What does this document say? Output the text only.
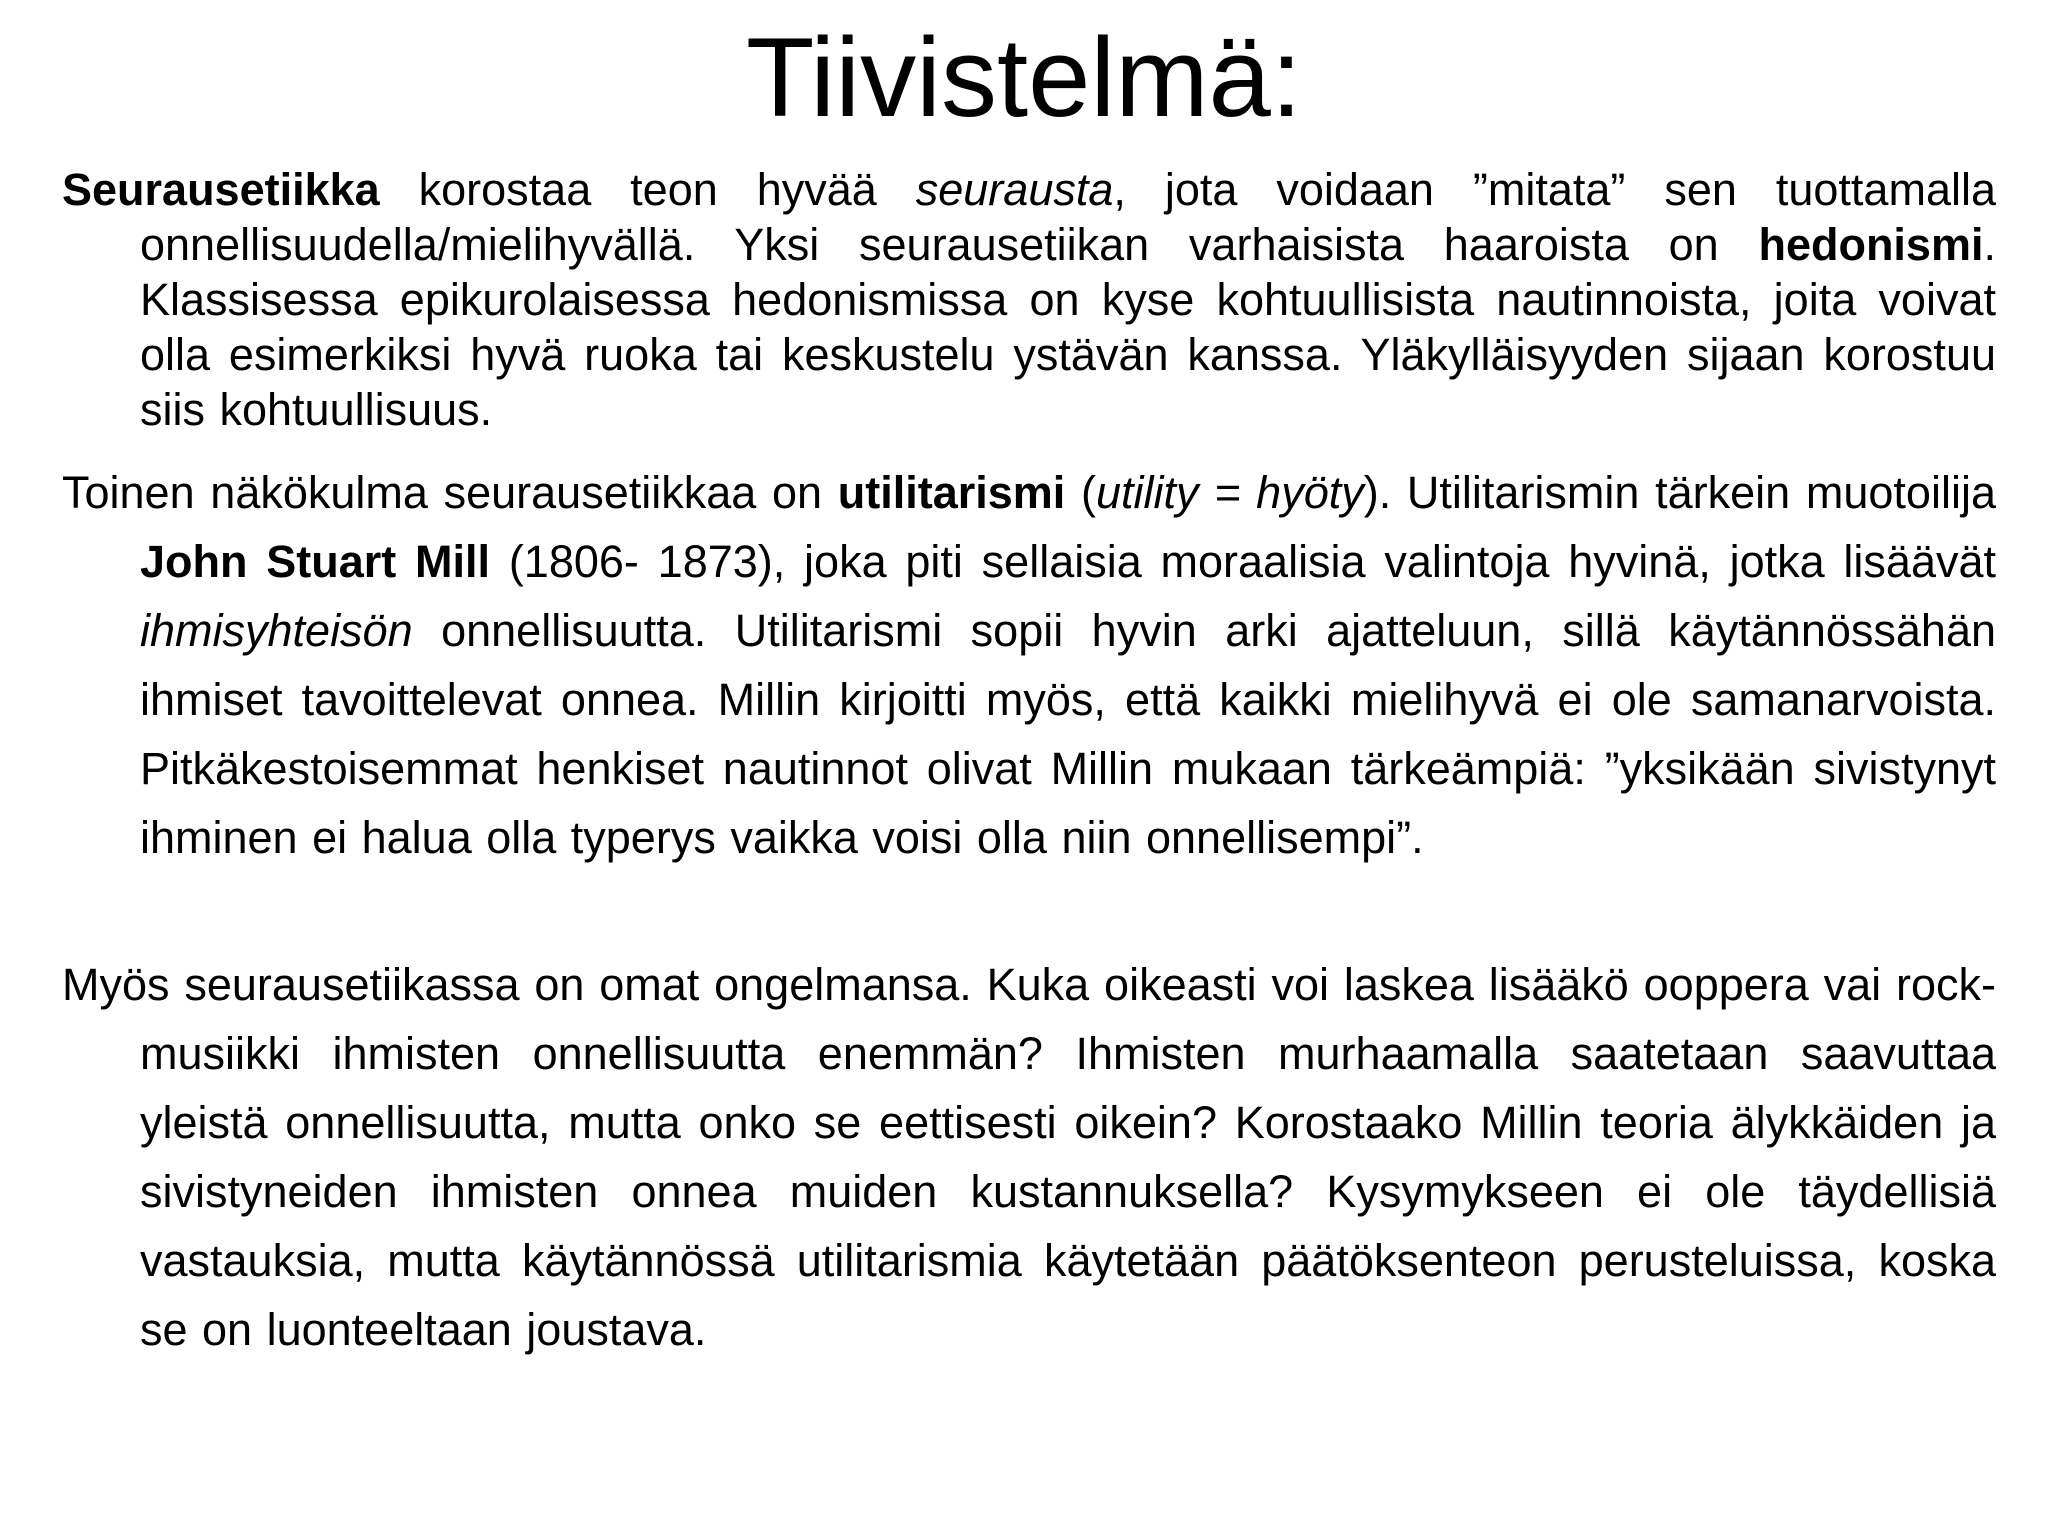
Tiivistelmä:

Seurausetiikka korostaa teon hyvää seurausta, jota voidaan ”mitata” sen tuottamalla onnellisuudella/mielihyvällä. Yksi seurausetiikan varhaisista haaroista on hedonismi. Klassisessa epikurolaisessa hedonismissa on kyse kohtuullisista nautinnoista, joita voivat olla esimerkiksi hyvä ruoka tai keskustelu ystävän kanssa. Yläkylläisyyden sijaan korostuu siis kohtuullisuus.

Toinen näkökulma seurausetiikkaa on utilitarismi (utility = hyöty). Utilitarismin tärkein muotoilija John Stuart Mill (1806- 1873), joka piti sellaisia moraalisia valintoja hyvinä, jotka lisäävät ihmisyhteisön onnellisuutta. Utilitarismi sopii hyvin arki ajatteluun, sillä käytännössähän ihmiset tavoittelevat onnea. Millin kirjoitti myös, että kaikki mielihyvä ei ole samanarvoista. Pitkäkestoisemmat henkiset nautinnot olivat Millin mukaan tärkeämpiä: ”yksikään sivistynyt ihminen ei halua olla typerys vaikka voisi olla niin onnellisempi”.

Myös seurausetiikassa on omat ongelmansa. Kuka oikeasti voi laskea lisääkö ooppera vai rock-musiikki ihmisten onnellisuutta enemmän? Ihmisten murhaamalla saatetaan saavuttaa yleistä onnellisuutta, mutta onko se eettisesti oikein? Korostaako Millin teoria älykkäiden ja sivistyneiden ihmisten onnea muiden kustannuksella? Kysymykseen ei ole täydellisiä vastauksia, mutta käytännössä utilitarismia käytetään päätöksenteon perusteluissa, koska se on luonteeltaan joustava.
